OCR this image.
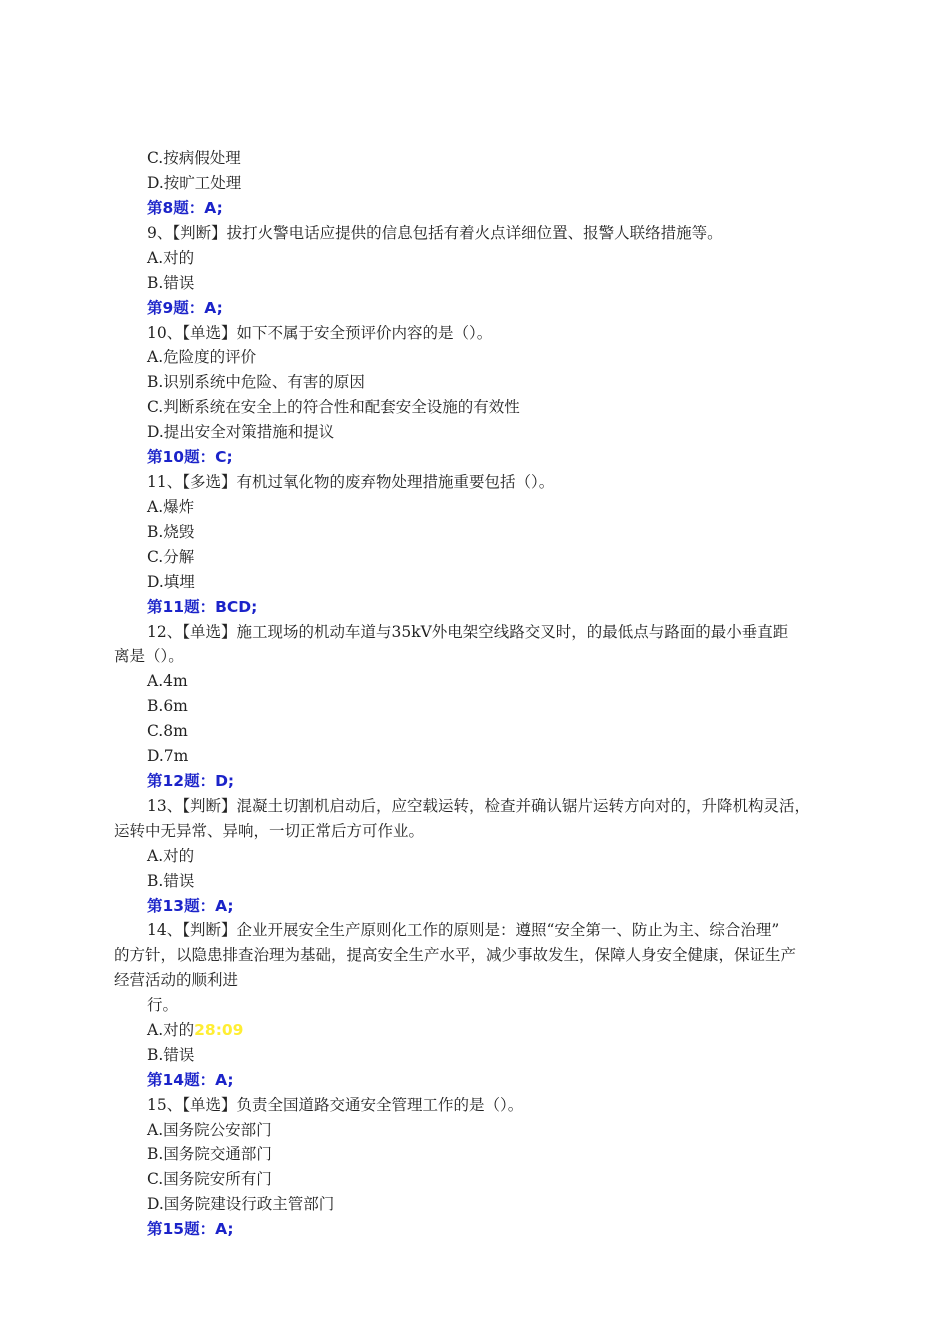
C.按病假处理
D.按旷工处理
第8题：A;
9、【判断】拔打火警电话应提供的信息包括有着火点详细位置、报警人联络措施等。
A.对的
B.错误
第9题：A;
10、【单选】如下不属于安全预评价内容的是（）。
A.危险度的评价
B.识别系统中危险、有害的原因
C.判断系统在安全上的符合性和配套安全设施的有效性
D.提出安全对策措施和提议
第10题：C;
11、【多选】有机过氧化物的废弃物处理措施重要包括（）。
A.爆炸
B.烧毁
C.分解
D.填埋
第11题：BCD;
12、【单选】施工现场的机动车道与35kV外电架空线路交叉时，的最低点与路面的最小垂直距
离是（）。
A.4m
B.6m
C.8m
D.7m
第12题：D;
13、【判断】混凝土切割机启动后，应空载运转，检查并确认锯片运转方向对的，升降机构灵活，
运转中无异常、异响，一切正常后方可作业。
A.对的
B.错误
第13题：A;
14、【判断】企业开展安全生产原则化工作的原则是：遵照“安全第一、防止为主、综合治理”
的方针，以隐患排查治理为基础，提高安全生产水平，减少事故发生，保障人身安全健康，保证生产
经营活动的顺利进
行。
A.对的28:09
B.错误
第14题：A;
15、【单选】负责全国道路交通安全管理工作的是（）。
A.国务院公安部门
B.国务院交通部门
C.国务院安所有门
D.国务院建设行政主管部门
第15题：A;
